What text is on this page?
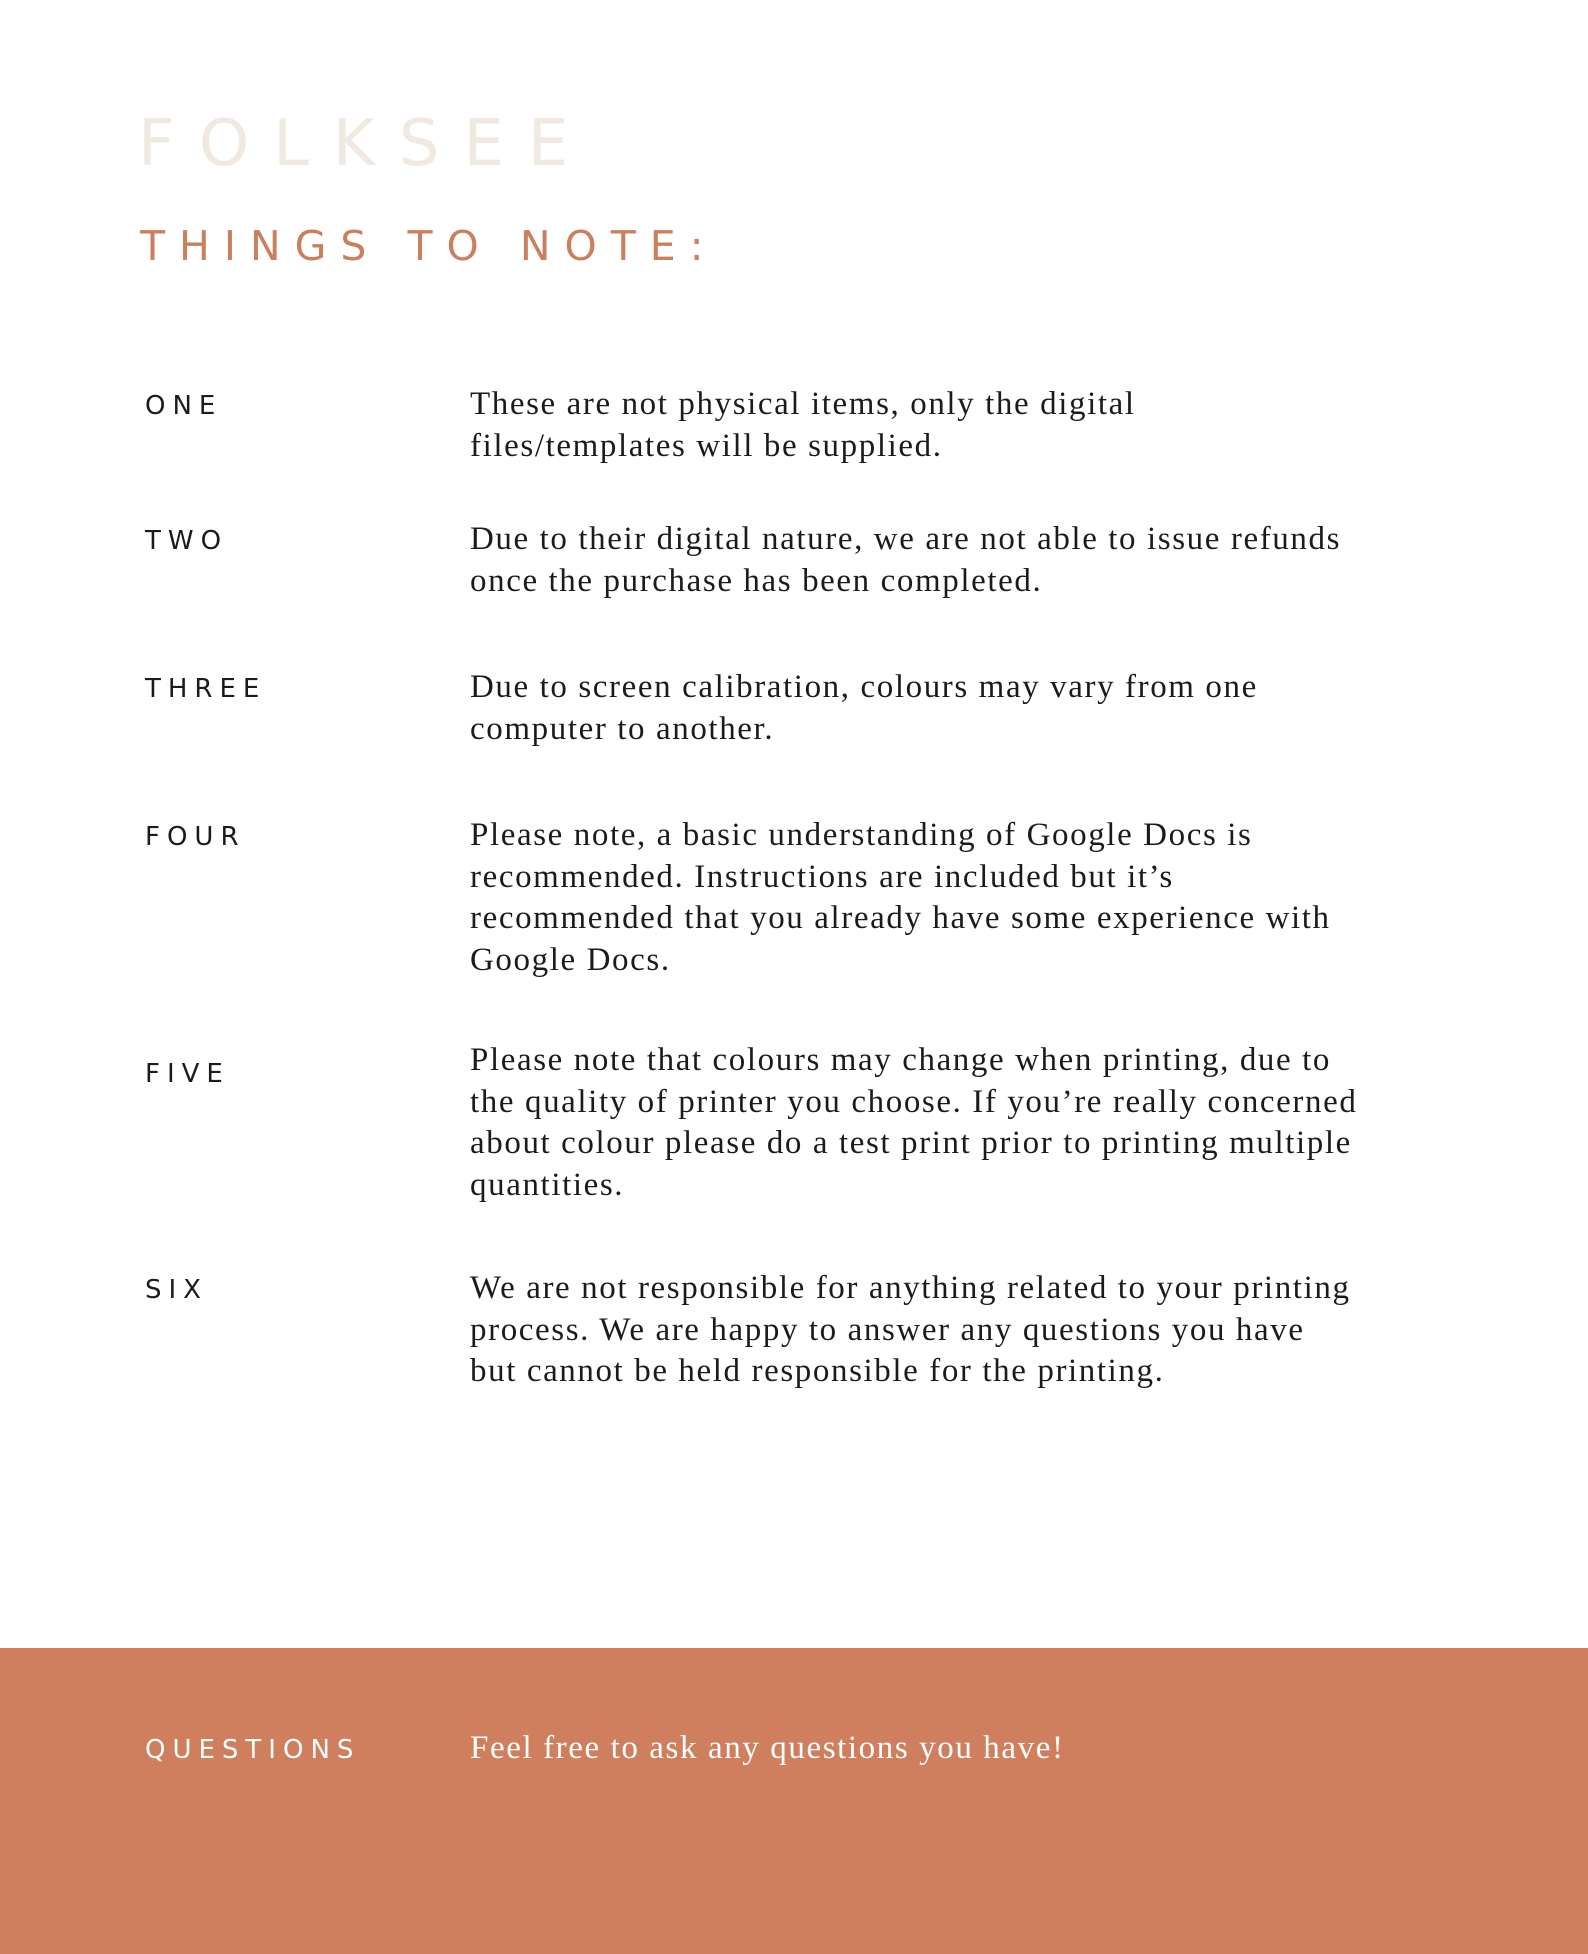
FOLKSEE
THINGS TO NOTE:
ONE	These are not physical items, only the digital files/templates will be supplied.

TWO	Due to their digital nature, we are not able to issue refunds once the purchase has been completed.

THREE	Due to screen calibration, colours may vary from one computer to another.

FOUR	Please note, a basic understanding of Google Docs is recommended. Instructions are included but it’s recommended that you already have some experience with Google Docs.

FIVE	Please note that colours may change when printing, due to the quality of printer you choose. If you’re really concerned about colour please do a test print prior to printing multiple quantities.

SIX	We are not responsible for anything related to your printing process. We are happy to answer any questions you have but cannot be held responsible for the printing.

QUESTIONS	Feel free to ask any questions you have!
